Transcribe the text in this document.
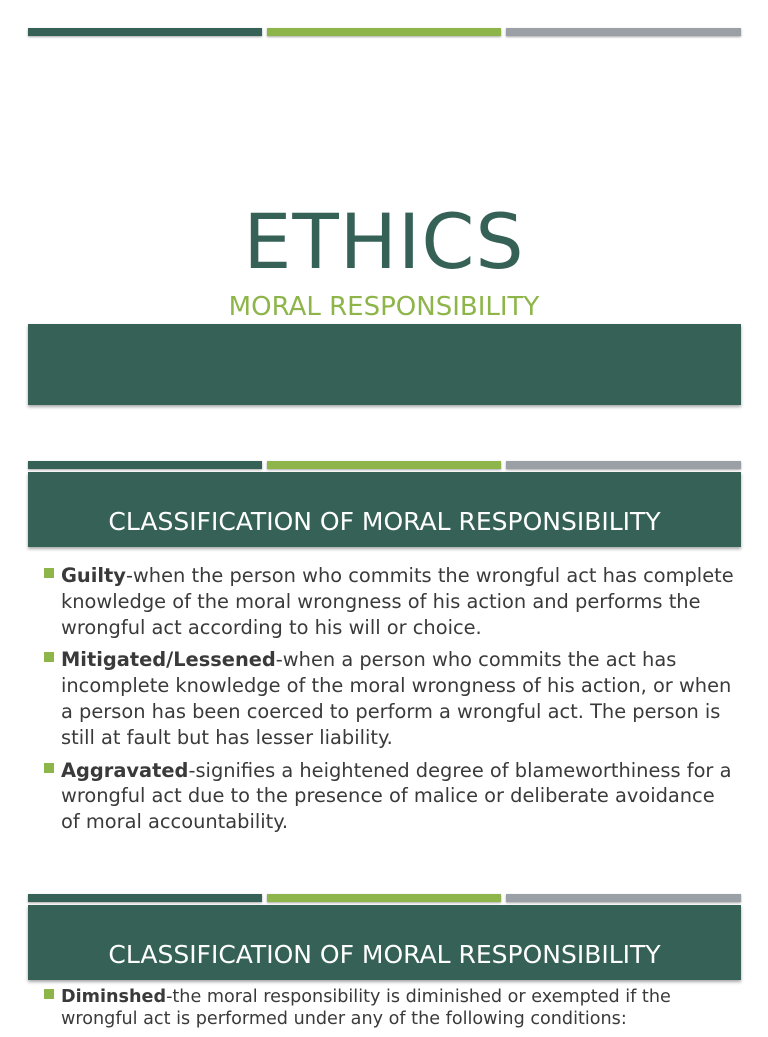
ETHICS
MORAL RESPONSIBILITY
CLASSIFICATION OF MORAL RESPONSIBILITY
Guilty-when the person who commits the wrongful act has complete knowledge of the moral wrongness of his action and performs the wrongful act according to his will or choice.
Mitigated/Lessened-when a person who commits the act has incomplete knowledge of the moral wrongness of his action, or when a person has been coerced to perform a wrongful act. The person is still at fault but has lesser liability.
Aggravated-signifies a heightened degree of blameworthiness for a wrongful act due to the presence of malice or deliberate avoidance of moral accountability.
CLASSIFICATION OF MORAL RESPONSIBILITY
Diminshed-the moral responsibility is diminished or exempted if the wrongful act is performed under any of the following conditions:
